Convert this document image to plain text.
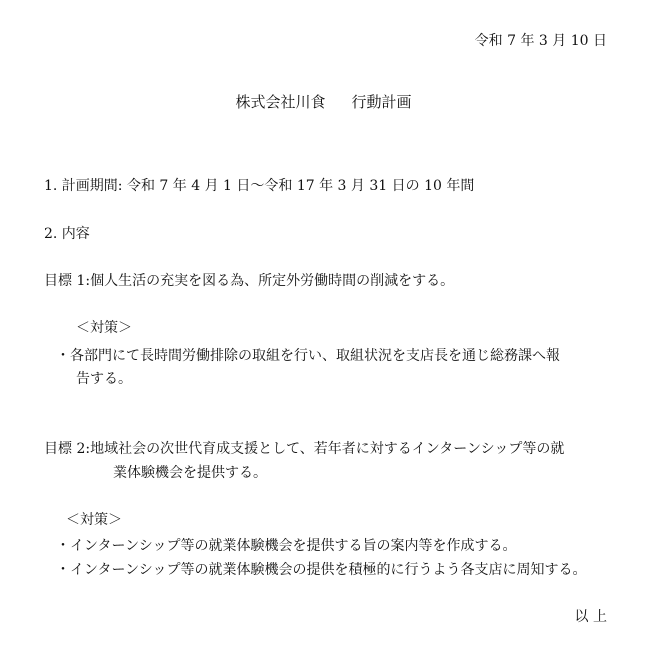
令和 7 年 3 月 10 日
株式会社川食 行動計画
1. 計画期間: 令和 7 年 4 月 1 日～令和 17 年 3 月 31 日の 10 年間
2. 内容
目標 1:個人生活の充実を図る為、所定外労働時間の削減をする。
＜対策＞
・各部門にて長時間労働排除の取組を行い、取組状況を支店長を通じ総務課へ報
告する。
目標 2:地域社会の次世代育成支援として、若年者に対するインターンシップ等の就
業体験機会を提供する。
＜対策＞
・インターンシップ等の就業体験機会を提供する旨の案内等を作成する。
・インターンシップ等の就業体験機会の提供を積極的に行うよう各支店に周知する。
以 上
